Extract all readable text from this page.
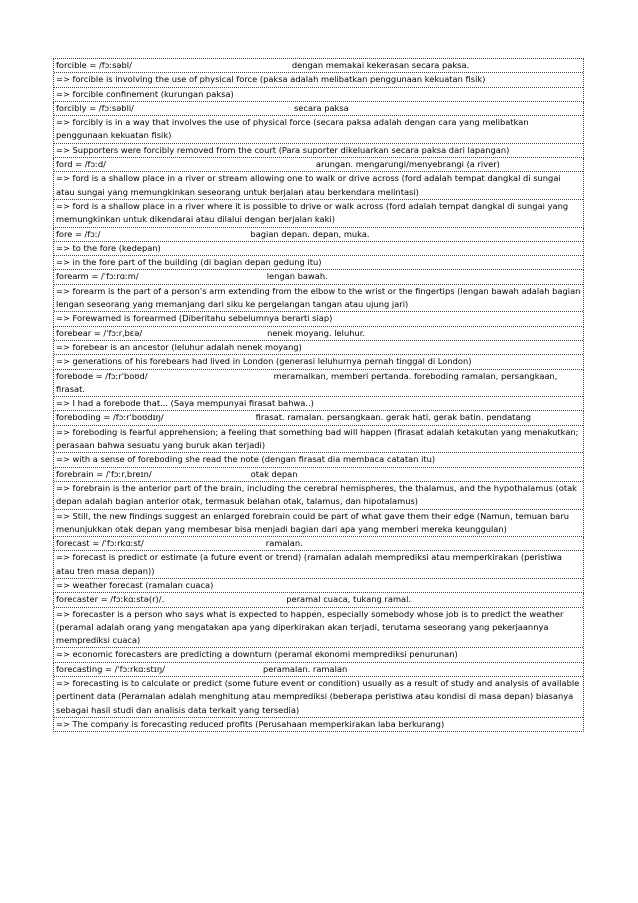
forcible = /fɔːsəbl/	dengan memakai kekerasan secara paksa.
=> forcible is involving the use of physical force (paksa adalah melibatkan penggunaan kekuatan fisik)
=> forcible confinement (kurungan paksa)
forcibly = /fɔːsəbli/	secara paksa
=> forcibly is in a way that involves the use of physical force (secara paksa adalah dengan cara yang melibatkan penggunaan kekuatan fisik)
=> Supporters were forcibly removed from the court (Para suporter dikeluarkan secara paksa dari lapangan)
ford = /fɔːd/	arungan. mengarungi/menyebrangi (a river)
=> ford is a shallow place in a river or stream allowing one to walk or drive across (ford adalah tempat dangkal di sungai atau sungai yang memungkinkan seseorang untuk berjalan atau berkendara melintasi)
=> ford is a shallow place in a river where it is possible to drive or walk across (ford adalah tempat dangkal di sungai yang memungkinkan untuk dikendarai atau dilalui dengan berjalan kaki)
fore = /fɔː/	bagian depan. depan, muka.
=> to the fore (kedepan)
=> in the fore part of the building (di bagian depan gedung itu)
forearm = /ˈfɔːrɑːm/	lengan bawah.
=> forearm is the part of a person's arm extending from the elbow to the wrist or the fingertips (lengan bawah adalah bagian lengan seseorang yang memanjang dari siku ke pergelangan tangan atau ujung jari)
=> Forewarned is forearmed (Diberitahu sebelumnya berarti siap)
forebear = /ˈfɔːrˌbɛə/	nenek moyang. leluhur.
=> forebear is an ancestor (leluhur adalah nenek moyang)
=> generations of his forebears had lived in London (generasi leluhurnya pernah tinggal di London)
forebode = /fɔːrˈboʊd/	meramalkan, memberi pertanda. foreboding ramalan, persangkaan, firasat.
=> I had a forebode that... (Saya mempunyai firasat bahwa..)
foreboding = /fɔːrˈboʊdɪŋ/	firasat. ramalan. persangkaan. gerak hati. gerak batin. pendatang
=> foreboding is fearful apprehension; a feeling that something bad will happen (firasat adalah ketakutan yang menakutkan; perasaan bahwa sesuatu yang buruk akan terjadi)
=> with a sense of foreboding she read the note (dengan firasat dia membaca catatan itu)
forebrain = /ˈfɔːrˌbreɪn/	otak depan
=> forebrain is the anterior part of the brain, including the cerebral hemispheres, the thalamus, and the hypothalamus (otak depan adalah bagian anterior otak, termasuk belahan otak, talamus, dan hipotalamus)
=> Still, the new findings suggest an enlarged forebrain could be part of what gave them their edge (Namun, temuan baru menunjukkan otak depan yang membesar bisa menjadi bagian dari apa yang memberi mereka keunggulan)
forecast = /ˈfɔːrkɑːst/	ramalan.
=> forecast is predict or estimate (a future event or trend) (ramalan adalah memprediksi atau memperkirakan (peristiwa atau tren masa depan))
=> weather forecast (ramalan cuaca)
forecaster = /fɔːkɑːstə(r)/.	peramal cuaca, tukang ramal.
=> forecaster is a person who says what is expected to happen, especially somebody whose job is to predict the weather (peramal adalah orang yang mengatakan apa yang diperkirakan akan terjadi, terutama seseorang yang pekerjaannya memprediksi cuaca)
=> economic forecasters are predicting a downturn (peramal ekonomi memprediksi penurunan)
forecasting = /ˈfɔːrkɑːstɪŋ/	peramalan. ramalan
=> forecasting is to calculate or predict (some future event or condition) usually as a result of study and analysis of available pertinent data (Peramalan adalah menghitung atau memprediksi (beberapa peristiwa atau kondisi di masa depan) biasanya sebagai hasil studi dan analisis data terkait yang tersedia)
=> The company is forecasting reduced profits (Perusahaan memperkirakan laba berkurang)
